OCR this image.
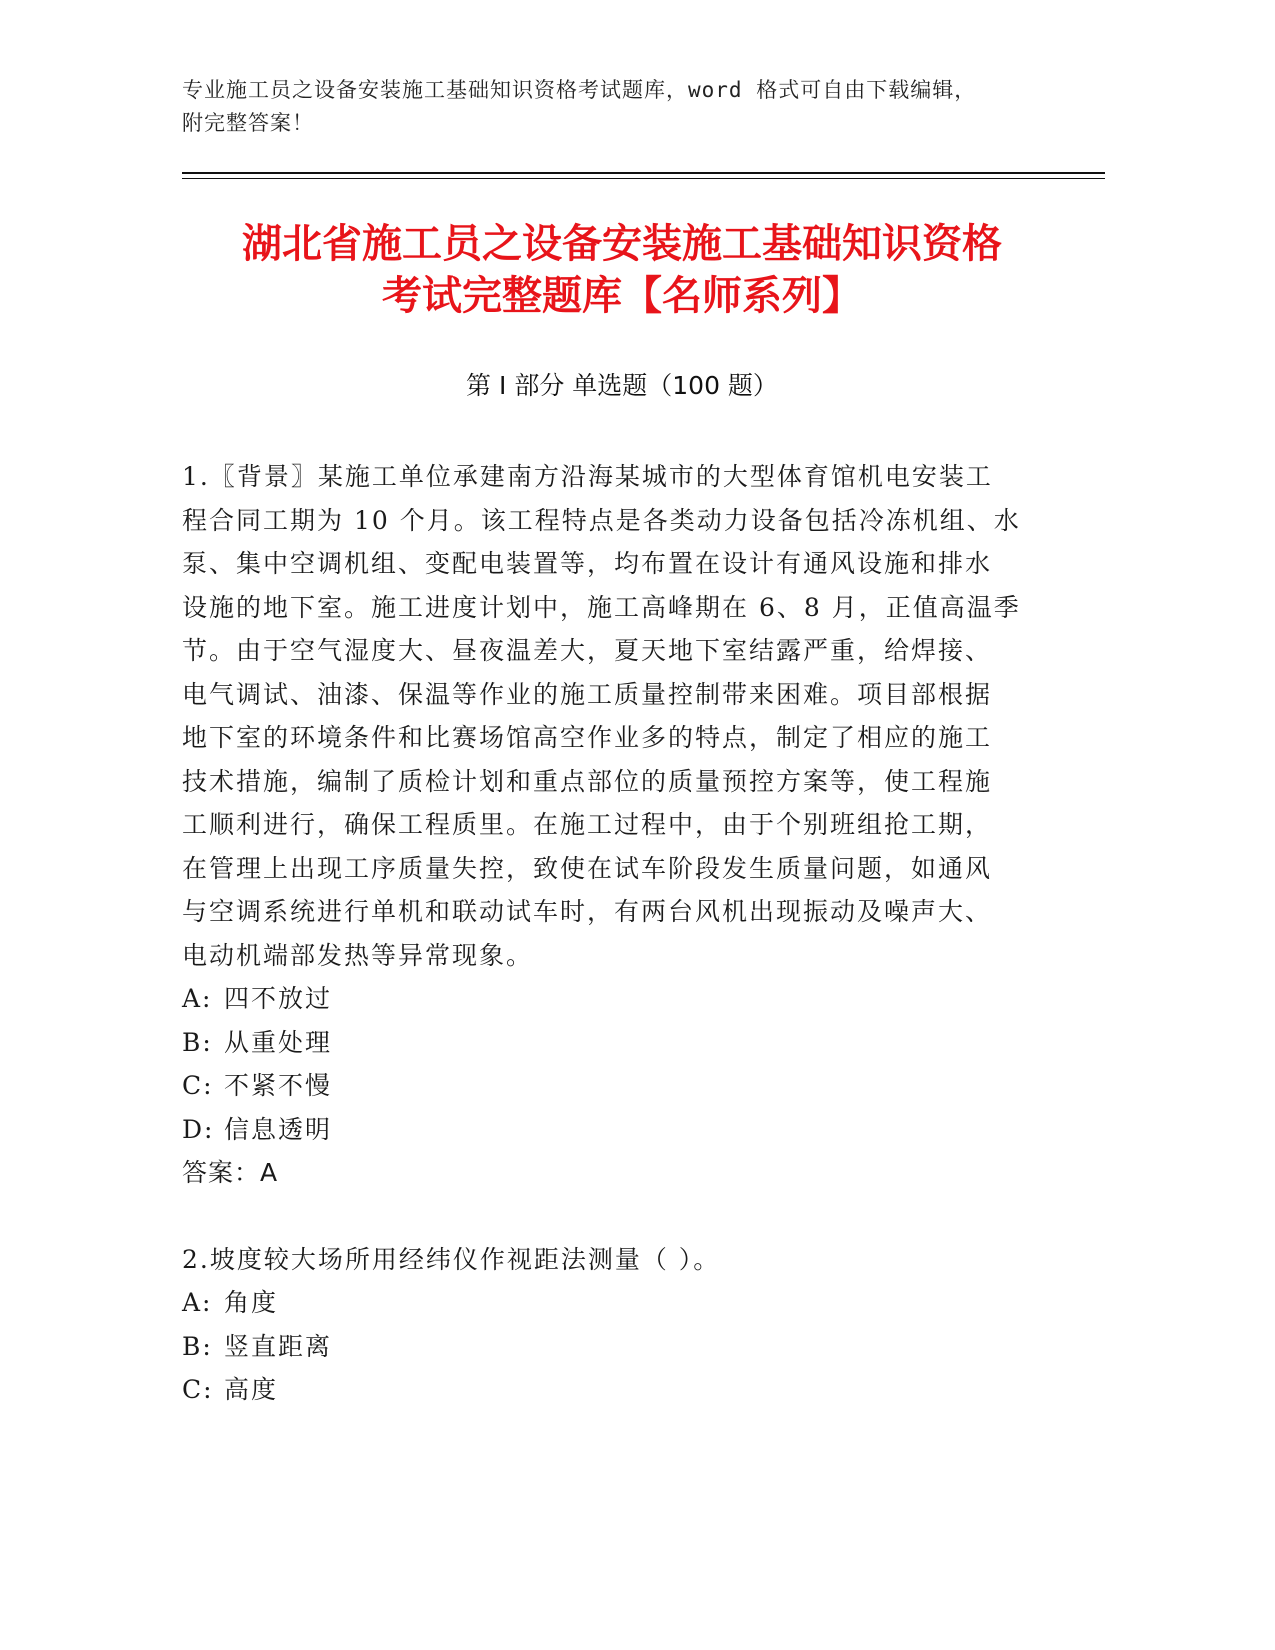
专业施工员之设备安装施工基础知识资格考试题库，word 格式可自由下载编辑，
附完整答案！
湖北省施工员之设备安装施工基础知识资格
考试完整题库【名师系列】
第 I 部分 单选题（100 题）

1.〖背景〗某施工单位承建南方沿海某城市的大型体育馆机电安装工

程合同工期为 10 个月。该工程特点是各类动力设备包括冷冻机组、水

泵、集中空调机组、变配电装置等，均布置在设计有通风设施和排水

设施的地下室。施工进度计划中，施工高峰期在 6、8 月，正值高温季

节。由于空气湿度大、昼夜温差大，夏天地下室结露严重，给焊接、

电气调试、油漆、保温等作业的施工质量控制带来困难。项目部根据

地下室的环境条件和比赛场馆高空作业多的特点，制定了相应的施工

技术措施，编制了质检计划和重点部位的质量预控方案等，使工程施

工顺利进行，确保工程质里。在施工过程中，由于个别班组抢工期，

在管理上出现工序质量失控，致使在试车阶段发生质量问题，如通风

与空调系统进行单机和联动试车时，有两台风机出现振动及噪声大、

电动机端部发热等异常现象。

A: 四不放过

B: 从重处理

C: 不紧不慢

D: 信息透明

答案：A

2.坡度较大场所用经纬仪作视距法测量（ ）。

A: 角度

B: 竖直距离

C: 高度
